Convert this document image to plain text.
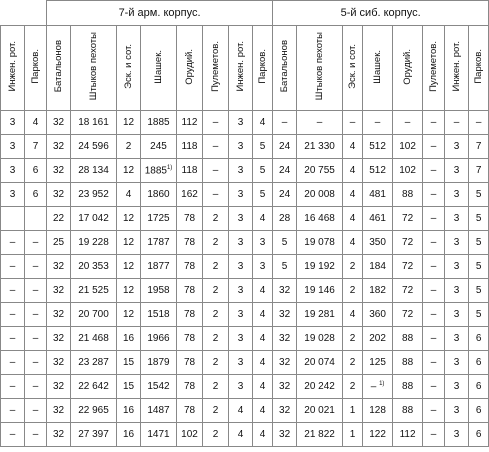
		7-й арм. корпус.								5-й сиб. корпус.							
Инжен. рот.	Парков.	Батальонов	Штыков пехоты	Эск. и сот.	Шашек.	Орудий.	Пулеметов.	Инжен. рот.	Парков.	Батальонов	Штыков пехоты	Эск. и сот.	Шашек.	Орудий.	Пулеметов.	Инжен. рот.	Парков.
3	4	32	18 161	12	1885	112	–	3	4	–	–	–	–	–	–	–	–
3	7	32	24 596	2	245	118	–	3	5	24	21 330	4	512	102	–	3	7
3	6	32	28 134	12	1885$^{1)}$	118	–	3	5	24	20 755	4	512	102	–	3	7
3	6	32	23 952	4	1860	162	–	3	5	24	20 008	4	481	88	–	3	5
		22	17 042	12	1725	78	2	3	4	28	16 468	4	461	72	–	3	5
–	–	25	19 228	12	1787	78	2	3	3	5	19 078	4	350	72	–	3	5
–	–	32	20 353	12	1877	78	2	3	3	5	19 192	2	184	72	–	3	5
–	–	32	21 525	12	1958	78	2	3	4	32	19 146	2	182	72	–	3	5
–	–	32	20 700	12	1518	78	2	3	4	32	19 281	4	360	72	–	3	5
–	–	32	21 468	16	1966	78	2	3	4	32	19 028	2	202	88	–	3	6
–	–	32	23 287	15	1879	78	2	3	4	32	20 074	2	125	88	–	3	6
–	–	32	22 642	15	1542	78	2	3	4	32	20 242	2	– $^{1)}$	88	–	3	6
–	–	32	22 965	16	1487	78	2	4	4	32	20 021	1	128	88	–	3	6
–	–	32	27 397	16	1471	102	2	4	4	32	21 822	1	122	112	–	3	6
